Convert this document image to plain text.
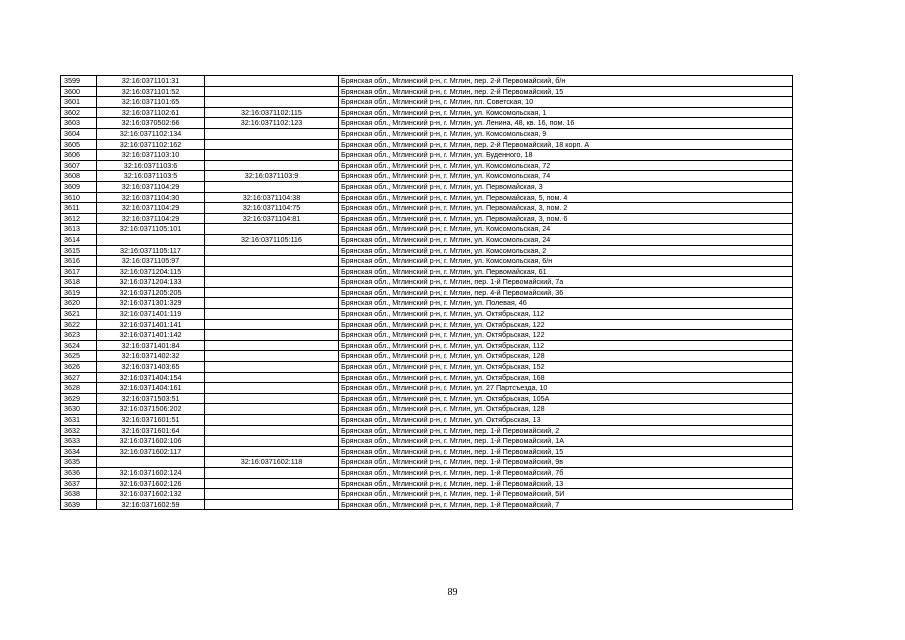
3599	32:16:0371101:31		Брянская обл., Мглинский р-н, г. Мглин, пер. 2-й Первомайский, б/н
3600	32:16:0371101:52		Брянская обл., Мглинский р-н, г. Мглин, пер. 2-й Первомайский, 15
3601	32:16:0371101:65		Брянская обл., Мглинский р-н, г. Мглин, пл. Советская, 10
3602	32:16:0371102:61	32:16:0371102:115	Брянская обл., Мглинский р-н, г. Мглин, ул. Комсомольская, 1
3603	32:16:0370502:66	32:16:0371102:123	Брянская обл., Мглинский р-н, г. Мглин, ул. Ленина, 48, кв. 16, пом. 16
3604	32:16:0371102:134		Брянская обл., Мглинский р-н, г. Мглин, ул. Комсомольская, 9
3605	32:16:0371102:162		Брянская обл., Мглинский р-н, г. Мглин, пер. 2-й Первомайский, 18 корп. А
3606	32:16:0371103:10		Брянская обл., Мглинский р-н, г. Мглин, ул. Буденного, 18
3607	32:16:0371103:6		Брянская обл., Мглинский р-н, г. Мглин, ул. Комсомольская, 72
3608	32:16:0371103:5	32:16:0371103:9	Брянская обл., Мглинский р-н, г. Мглин, ул. Комсомольская, 74
3609	32:16:0371104:29		Брянская обл., Мглинский р-н, г. Мглин, ул. Первомайская, 3
3610	32:16:0371104:30	32:16:0371104:38	Брянская обл., Мглинский р-н, г. Мглин, ул. Первомайская, 5, пом. 4
3611	32:16:0371104:29	32:16:0371104:75	Брянская обл., Мглинский р-н, г. Мглин, ул. Первомайская, 3, пом. 2
3612	32:16:0371104:29	32:16:0371104:81	Брянская обл., Мглинский р-н, г. Мглин, ул. Первомайская, 3, пом. 6
3613	32:16:0371105:101		Брянская обл., Мглинский р-н, г. Мглин, ул. Комсомольская, 24
3614		32:16:0371105:116	Брянская обл., Мглинский р-н, г. Мглин, ул. Комсомольская, 24
3615	32:16:0371105:117		Брянская обл., Мглинский р-н, г. Мглин, ул. Комсомольская, 2
3616	32:16:0371105:97		Брянская обл., Мглинский р-н, г. Мглин, ул. Комсомольская, 6/н
3617	32:16:0371204:115		Брянская обл., Мглинский р-н, г. Мглин, ул. Первомайская, 61
3618	32:16:0371204:133		Брянская обл., Мглинский р-н, г. Мглин, пер. 1-й Первомайский, 7а
3619	32:16:0371205:205		Брянская обл., Мглинский р-н, г. Мглин, пер. 4-й Первомайский, 36
3620	32:16:0371301:329		Брянская обл., Мглинский р-н, г. Мглин, ул. Полевая, 46
3621	32:16:0371401:119		Брянская обл., Мглинский р-н, г. Мглин, ул. Октябрьская, 112
3622	32:16:0371401:141		Брянская обл., Мглинский р-н, г. Мглин, ул. Октябрьская, 122
3623	32:16:0371401:142		Брянская обл., Мглинский р-н, г. Мглин, ул. Октябрьская, 122
3624	32:16:0371401:84		Брянская обл., Мглинский р-н, г. Мглин, ул. Октябрьская, 112
3625	32:16:0371402:32		Брянская обл., Мглинский р-н, г. Мглин, ул. Октябрьская, 128
3626	32:16:0371403:65		Брянская обл., Мглинский р-н, г. Мглин, ул. Октябрьская, 152
3627	32:16:0371404:154		Брянская обл., Мглинский р-н, г. Мглин, ул. Октябрьская, 168
3628	32:16:0371404:161		Брянская обл., Мглинский р-н, г. Мглин, ул. 27 Партсъезда, 10
3629	32:16:0371503:51		Брянская обл., Мглинский р-н, г. Мглин, ул. Октябрьская, 105А
3630	32:16:0371506:202		Брянская обл., Мглинский р-н, г. Мглин, ул. Октябрьская, 128
3631	32:16:0371601:51		Брянская обл., Мглинский р-н, г. Мглин, ул. Октябрьская, 13
3632	32:16:0371601:64		Брянская обл., Мглинский р-н, г. Мглин, пер. 1-й Первомайский, 2
3633	32:16:0371602:106		Брянская обл., Мглинский р-н, г. Мглин, пер. 1-й Первомайский, 1А
3634	32:16:0371602:117		Брянская обл., Мглинский р-н, г. Мглин, пер. 1-й Первомайский, 15
3635		32:16:0371602:118	Брянская обл., Мглинский р-н, г. Мглин, пер. 1-й Первомайский, 9в
3636	32:16:0371602:124		Брянская обл., Мглинский р-н, г. Мглин, пер. 1-й Первомайский, 7б
3637	32:16:0371602:126		Брянская обл., Мглинский р-н, г. Мглин, пер. 1-й Первомайский, 13
3638	32:16:0371602:132		Брянская обл., Мглинский р-н, г. Мглин, пер. 1-й Первомайский, 5И
3639	32:16:0371602:59		Брянская обл., Мглинский р-н, г. Мглин, пер. 1-й Первомайский, 7
89
